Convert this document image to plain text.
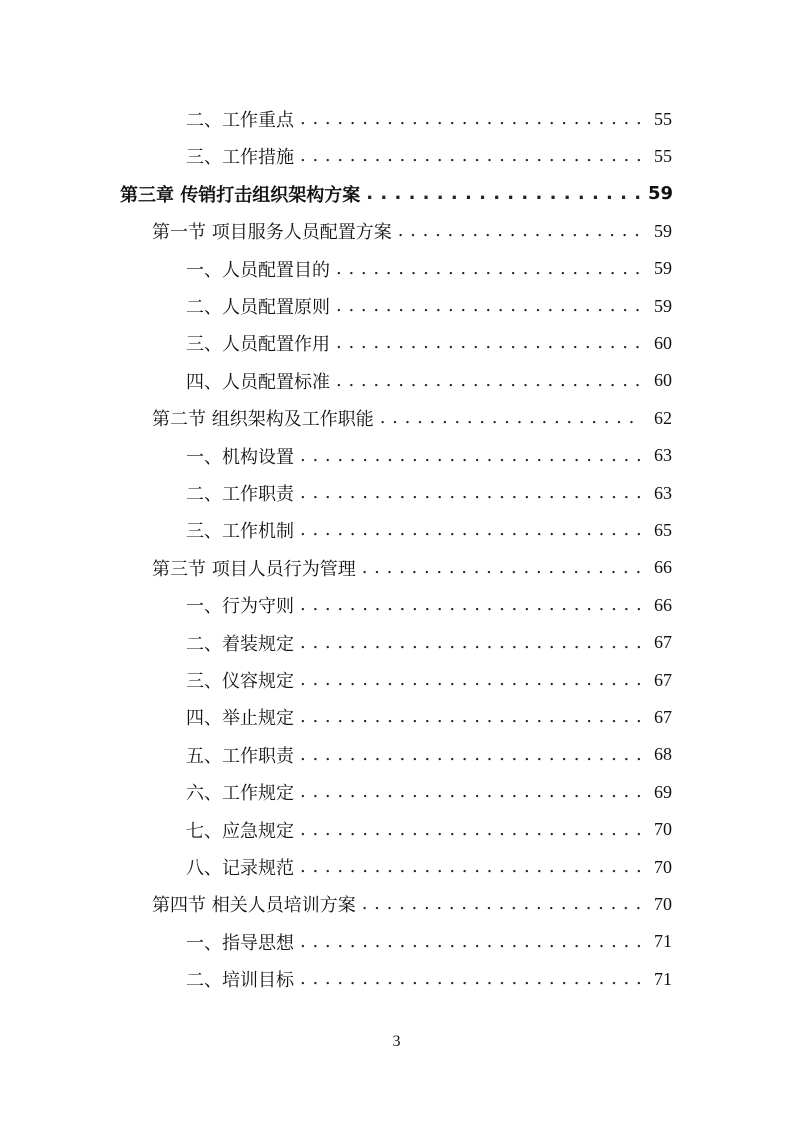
二、工作重点 . . .	55
三、工作措施 . . .	55
第三章 传销打击组织架构方案 . . .	59
第一节 项目服务人员配置方案 . . .	59
一、人员配置目的 . . .	59
二、人员配置原则 . . .	59
三、人员配置作用 . . .	60
四、人员配置标准 . . .	60
第二节 组织架构及工作职能 . . .	62
一、机构设置 . . .	63
二、工作职责 . . .	63
三、工作机制 . . .	65
第三节 项目人员行为管理 . . .	66
一、行为守则 . . .	66
二、着装规定 . . .	67
三、仪容规定 . . .	67
四、举止规定 . . .	67
五、工作职责 . . .	68
六、工作规定 . . .	69
七、应急规定 . . .	70
八、记录规范 . . .	70
第四节 相关人员培训方案 . . .	70
一、指导思想 . . .	71
二、培训目标 . . .	71
3
